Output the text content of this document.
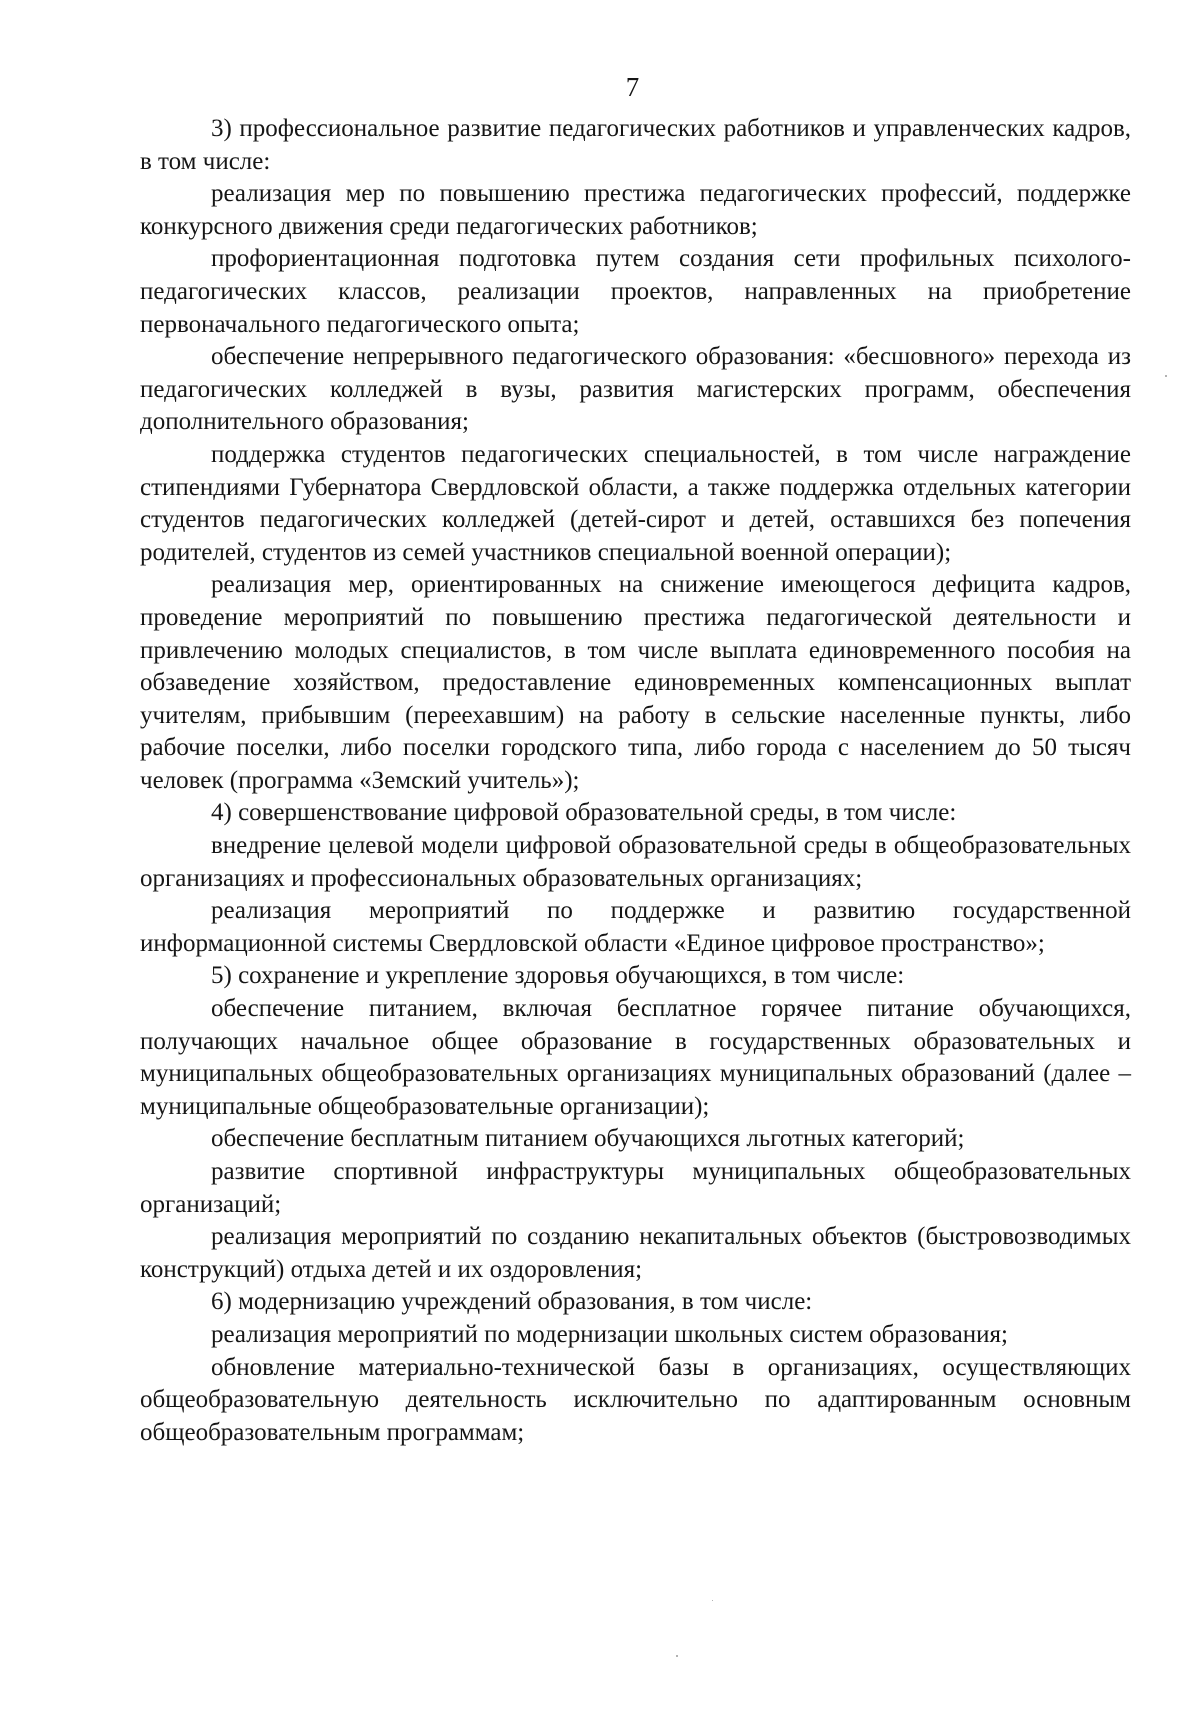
7

3) профессиональное развитие педагогических работников и управленческих кадров, в том числе:

реализация мер по повышению престижа педагогических профессий, поддержке конкурсного движения среди педагогических работников;

профориентационная подготовка путем создания сети профильных психолого-педагогических классов, реализации проектов, направленных на приобретение первоначального педагогического опыта;

обеспечение непрерывного педагогического образования: «бесшовного» перехода из педагогических колледжей в вузы, развития магистерских программ, обеспечения дополнительного образования;

поддержка студентов педагогических специальностей, в том числе награждение стипендиями Губернатора Свердловской области, а также поддержка отдельных категории студентов педагогических колледжей (детей-сирот и детей, оставшихся без попечения родителей, студентов из семей участников специальной военной операции);

реализация мер, ориентированных на снижение имеющегося дефицита кадров, проведение мероприятий по повышению престижа педагогической деятельности и привлечению молодых специалистов, в том числе выплата единовременного пособия на обзаведение хозяйством, предоставление единовременных компенсационных выплат учителям, прибывшим (переехавшим) на работу в сельские населенные пункты, либо рабочие поселки, либо поселки городского типа, либо города с населением до 50 тысяч человек (программа «Земский учитель»);

4) совершенствование цифровой образовательной среды, в том числе:

внедрение целевой модели цифровой образовательной среды в общеобразовательных организациях и профессиональных образовательных организациях;

реализация мероприятий по поддержке и развитию государственной информационной системы Свердловской области «Единое цифровое пространство»;

5) сохранение и укрепление здоровья обучающихся, в том числе:

обеспечение питанием, включая бесплатное горячее питание обучающихся, получающих начальное общее образование в государственных образовательных и муниципальных общеобразовательных организациях муниципальных образований (далее – муниципальные общеобразовательные организации);

обеспечение бесплатным питанием обучающихся льготных категорий;

развитие спортивной инфраструктуры муниципальных общеобразовательных организаций;

реализация мероприятий по созданию некапитальных объектов (быстровозводимых конструкций) отдыха детей и их оздоровления;

6) модернизацию учреждений образования, в том числе:

реализация мероприятий по модернизации школьных систем образования;

обновление материально-технической базы в организациях, осуществляющих общеобразовательную деятельность исключительно по адаптированным основным общеобразовательным программам;
